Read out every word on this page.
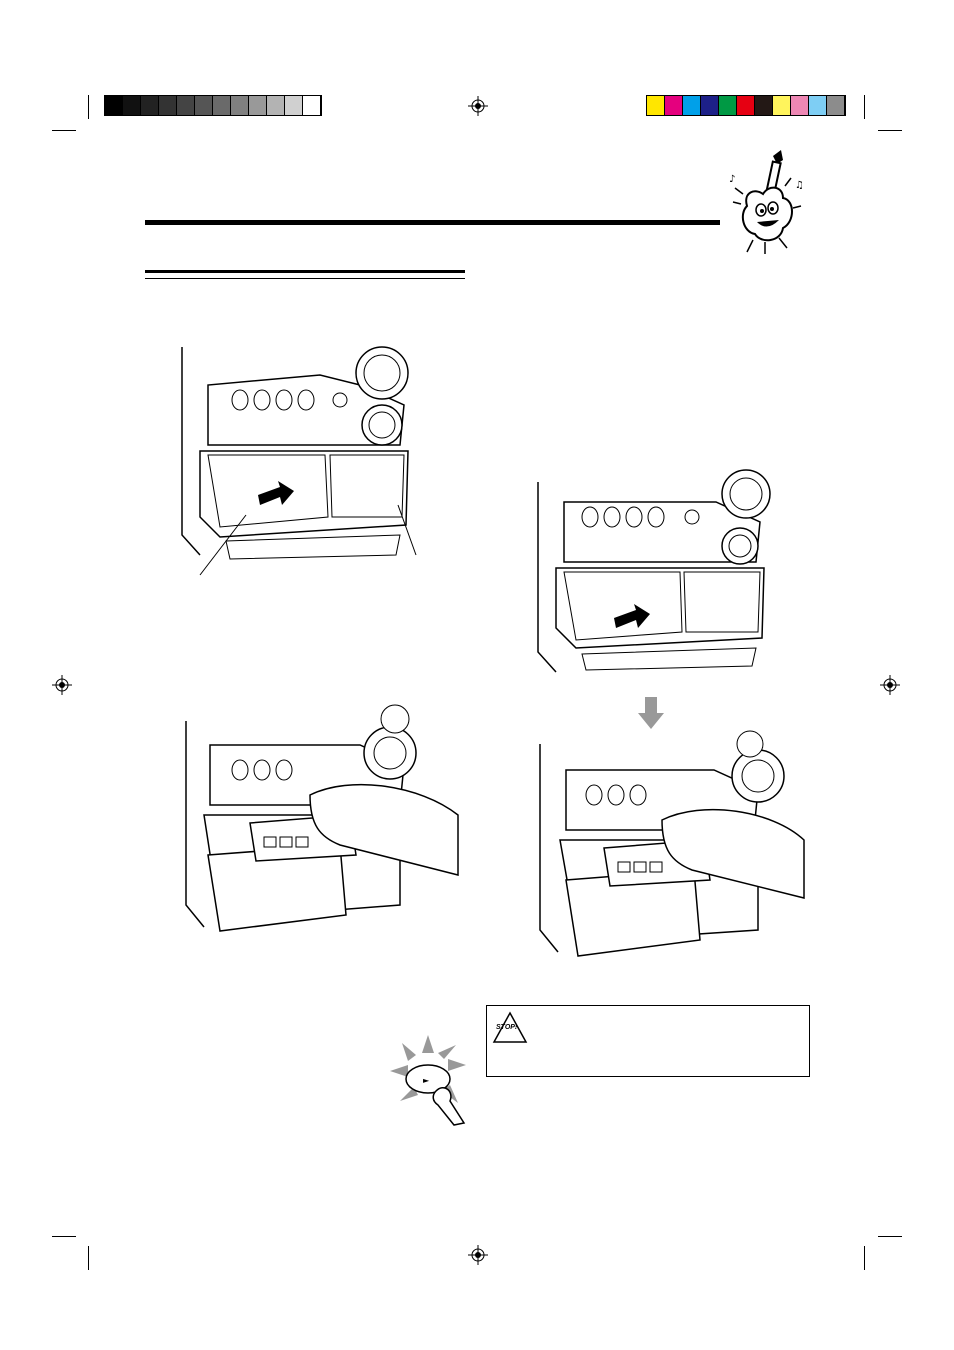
♪
♫
►
STOP!
